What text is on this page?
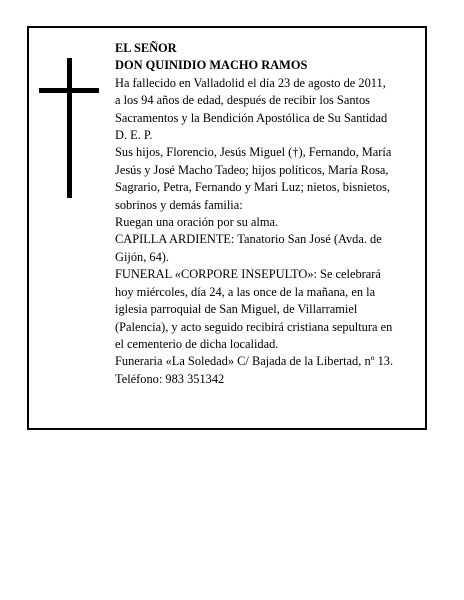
EL SEÑOR
DON QUINIDIO MACHO RAMOS
Ha fallecido en Valladolid el día 23 de agosto de 2011,
a los 94 años de edad, después de recibir los Santos
Sacramentos y la Bendición Apostólica de Su Santidad
D. E. P.
Sus hijos, Florencio, Jesús Miguel (†), Fernando, María
Jesús y José Macho Tadeo; hijos políticos, María Rosa,
Sagrario, Petra, Fernando y Mari Luz; nietos, bisnietos,
sobrinos y demás familia:
Ruegan una oración por su alma.
CAPILLA ARDIENTE: Tanatorio San José (Avda. de
Gijón, 64).
FUNERAL «CORPORE INSEPULTO»: Se celebrará
hoy miércoles, día 24, a las once de la mañana, en la
iglesia parroquial de San Miguel, de Villarramiel
(Palencia), y acto seguido recibirá cristiana sepultura en
el cementerio de dicha localidad.
Funeraria «La Soledad» C/ Bajada de la Libertad, nº 13.
Teléfono: 983 351342
